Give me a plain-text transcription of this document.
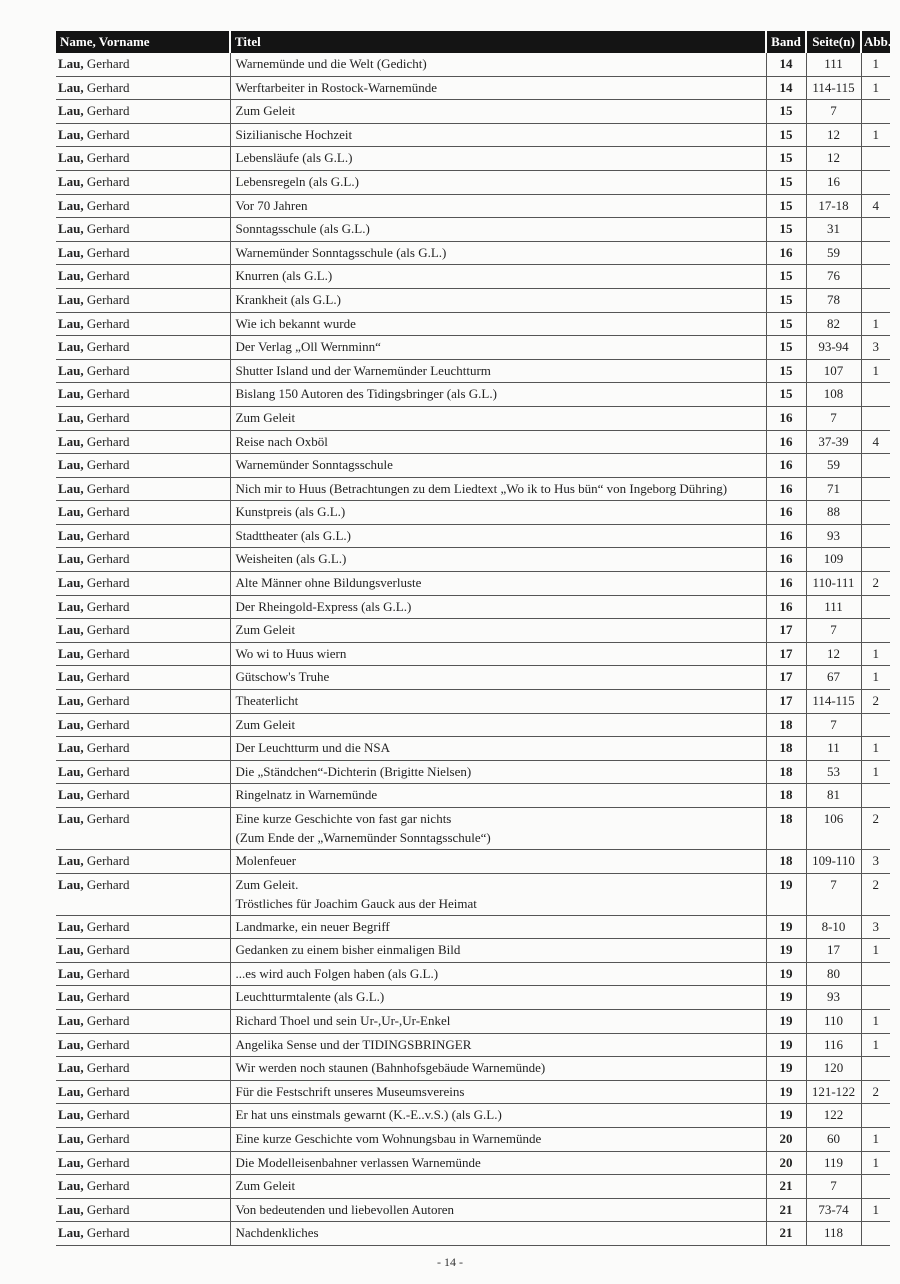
Name, Vorname	Titel	Band	Seite(n)	Abb.
Lau, Gerhard	Warnemünde und die Welt (Gedicht)	14	111	1
Lau, Gerhard	Werftarbeiter in Rostock-Warnemünde	14	114-115	1
Lau, Gerhard	Zum Geleit	15	7	
Lau, Gerhard	Sizilianische Hochzeit	15	12	1
Lau, Gerhard	Lebensläufe (als G.L.)	15	12	
Lau, Gerhard	Lebensregeln (als G.L.)	15	16	
Lau, Gerhard	Vor 70 Jahren	15	17-18	4
Lau, Gerhard	Sonntagsschule (als G.L.)	15	31	
Lau, Gerhard	Warnemünder Sonntagsschule (als G.L.)	16	59	
Lau, Gerhard	Knurren (als G.L.)	15	76	
Lau, Gerhard	Krankheit (als G.L.)	15	78	
Lau, Gerhard	Wie ich bekannt wurde	15	82	1
Lau, Gerhard	Der Verlag „Oll Wernminn“	15	93-94	3
Lau, Gerhard	Shutter Island und der Warnemünder Leuchtturm	15	107	1
Lau, Gerhard	Bislang 150 Autoren des Tidingsbringer (als G.L.)	15	108	
Lau, Gerhard	Zum Geleit	16	7	
Lau, Gerhard	Reise nach Oxböl	16	37-39	4
Lau, Gerhard	Warnemünder Sonntagsschule	16	59	
Lau, Gerhard	Nich mir to Huus (Betrachtungen zu dem Liedtext „Wo ik to Hus bün“ von Ingeborg Dühring)	16	71	
Lau, Gerhard	Kunstpreis (als G.L.)	16	88	
Lau, Gerhard	Stadttheater (als G.L.)	16	93	
Lau, Gerhard	Weisheiten (als G.L.)	16	109	
Lau, Gerhard	Alte Männer ohne Bildungsverluste	16	110-111	2
Lau, Gerhard	Der Rheingold-Express (als G.L.)	16	111	
Lau, Gerhard	Zum Geleit	17	7	
Lau, Gerhard	Wo wi to Huus wiern	17	12	1
Lau, Gerhard	Gütschow's Truhe	17	67	1
Lau, Gerhard	Theaterlicht	17	114-115	2
Lau, Gerhard	Zum Geleit	18	7	
Lau, Gerhard	Der Leuchtturm und die NSA	18	11	1
Lau, Gerhard	Die „Ständchen“-Dichterin (Brigitte Nielsen)	18	53	1
Lau, Gerhard	Ringelnatz in Warnemünde	18	81	
Lau, Gerhard	Eine kurze Geschichte von fast gar nichts
(Zum Ende der „Warnemünder Sonntagsschule“)	18	106	2
Lau, Gerhard	Molenfeuer	18	109-110	3
Lau, Gerhard	Zum Geleit.
Tröstliches für Joachim Gauck aus der Heimat	19	7	2
Lau, Gerhard	Landmarke, ein neuer Begriff	19	8-10	3
Lau, Gerhard	Gedanken zu einem bisher einmaligen Bild	19	17	1
Lau, Gerhard	...es wird auch Folgen haben (als G.L.)	19	80	
Lau, Gerhard	Leuchtturmtalente (als G.L.)	19	93	
Lau, Gerhard	Richard Thoel und sein Ur-,Ur-,Ur-Enkel	19	110	1
Lau, Gerhard	Angelika Sense und der TIDINGSBRINGER	19	116	1
Lau, Gerhard	Wir werden noch staunen (Bahnhofsgebäude Warnemünde)	19	120	
Lau, Gerhard	Für die Festschrift unseres Museumsvereins	19	121-122	2
Lau, Gerhard	Er hat uns einstmals gewarnt (K.-E..v.S.) (als G.L.)	19	122	
Lau, Gerhard	Eine kurze Geschichte vom Wohnungsbau in Warnemünde	20	60	1
Lau, Gerhard	Die Modelleisenbahner verlassen Warnemünde	20	119	1
Lau, Gerhard	Zum Geleit	21	7	
Lau, Gerhard	Von bedeutenden und liebevollen Autoren	21	73-74	1
Lau, Gerhard	Nachdenkliches	21	118	
- 14 -
